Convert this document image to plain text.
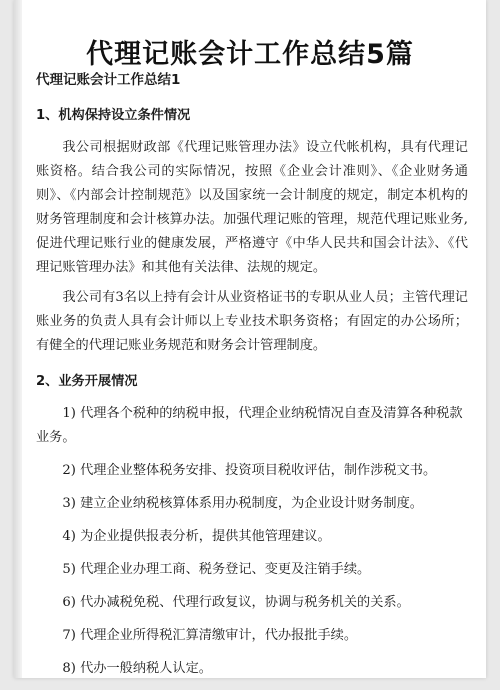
代理记账会计工作总结5篇
代理记账会计工作总结1
1、机构保持设立条件情况

我公司根据财政部《代理记账管理办法》设立代帐机构，具有代理记账资格。结合我公司的实际情况，按照《企业会计准则》、《企业财务通则》、《内部会计控制规范》以及国家统一会计制度的规定，制定本机构的财务管理制度和会计核算办法。加强代理记账的管理，规范代理记账业务,促进代理记账行业的健康发展，严格遵守《中华人民共和国会计法》、《代理记账管理办法》和其他有关法律、法规的规定。

我公司有3名以上持有会计从业资格证书的专职从业人员；主管代理记账业务的负责人具有会计师以上专业技术职务资格；有固定的办公场所；有健全的代理记账业务规范和财务会计管理制度。

2、业务开展情况

1) 代理各个税种的纳税申报，代理企业纳税情况自查及清算各种税款业务。

2) 代理企业整体税务安排、投资项目税收评估，制作涉税文书。

3) 建立企业纳税核算体系用办税制度，为企业设计财务制度。

4) 为企业提供报表分析，提供其他管理建议。

5) 代理企业办理工商、税务登记、变更及注销手续。

6) 代办减税免税、代理行政复议，协调与税务机关的关系。

7) 代理企业所得税汇算清缴审计，代办报批手续。

8) 代办一般纳税人认定。
